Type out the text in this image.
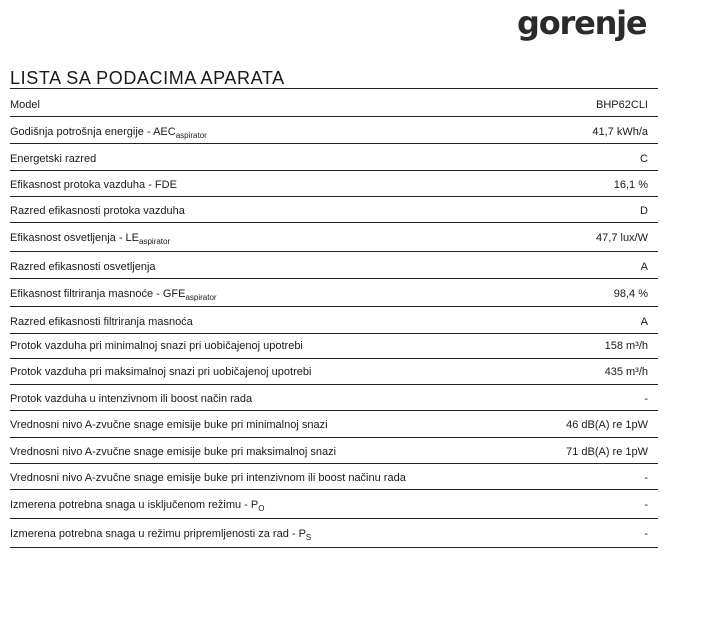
gorenje
LISTA SA PODACIMA APARATA
Model	BHP62CLI
Godišnja potrošnja energije - $AEC_{aspirator}$	41,7 kWh/a
Energetski razred	C
Efikasnost protoka vazduha - FDE	16,1 %
Razred efikasnosti protoka vazduha	D
Efikasnost osvetljenja - $LE_{aspirator}$	47,7 lux/W
Razred efikasnosti osvetljenja	A
Efikasnost filtriranja masnoće - $GFE_{aspirator}$	98,4 %
Razred efikasnosti filtriranja masnoća	A
Protok vazduha pri minimalnoj snazi pri uobičajenoj upotrebi	158 m³/h
Protok vazduha pri maksimalnoj snazi pri uobičajenoj upotrebi	435 m³/h
Protok vazduha u intenzivnom ili boost način rada	-
Vrednosni nivo A-zvučne snage emisije buke pri minimalnoj snazi	46 dB(A) re 1pW
Vrednosni nivo A-zvučne snage emisije buke pri maksimalnoj snazi	71 dB(A) re 1pW
Vrednosni nivo A-zvučne snage emisije buke pri intenzivnom ili boost načinu rada	-
Izmerena potrebna snaga u isključenom režimu - $P_O$	-
Izmerena potrebna snaga u režimu pripremljenosti za rad - $P_S$	-
